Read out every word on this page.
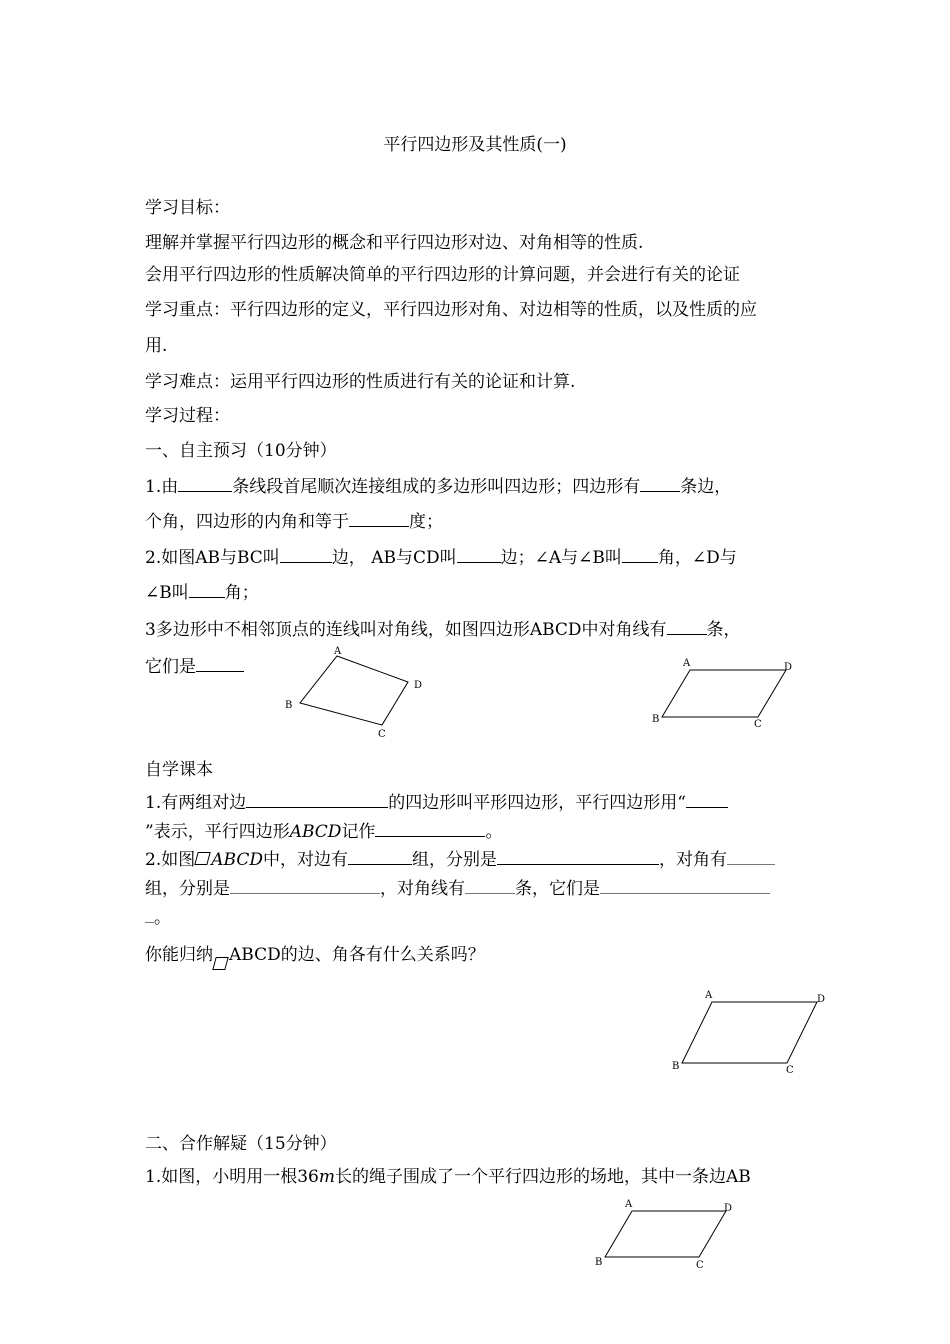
平行四边形及其性质(一)
学习目标：
理解并掌握平行四边形的概念和平行四边形对边、对角相等的性质.
会用平行四边形的性质解决简单的平行四边形的计算问题，并会进行有关的论证
学习重点：平行四边形的定义，平行四边形对角、对边相等的性质，以及性质的应
用.
学习难点：运用平行四边形的性质进行有关的论证和计算.
学习过程：
一、自主预习（10分钟）
1.由	条线段首尾顺次连接组成的多边形叫四边形；四边形有 条边，
个角，四边形的内角和等于	度；
2.如图AB与BC叫	边， AB与CD叫	边；∠A与∠B叫 角，∠D与
∠B叫 角；
3多边形中不相邻顶点的连线叫对角线，如图四边形ABCD中对角线有 条，
它们是
A
B
C
D
A	D
B	C
自学课本
1.有两组对边	的四边形叫平形四边形，平行四边形用“
”表示，平行四边形ABCD记作	。
2.如图 ABCD中，对边有	组，分别是	，对角有
组，分别是	，对角线有	条，它们是
。
你能归纳 ABCD的边、角各有什么关系吗？
A	D
B	C
二、合作解疑（15分钟）
1.如图，小明用一根36m长的绳子围成了一个平行四边形的场地，其中一条边AB
A	D
B	C
